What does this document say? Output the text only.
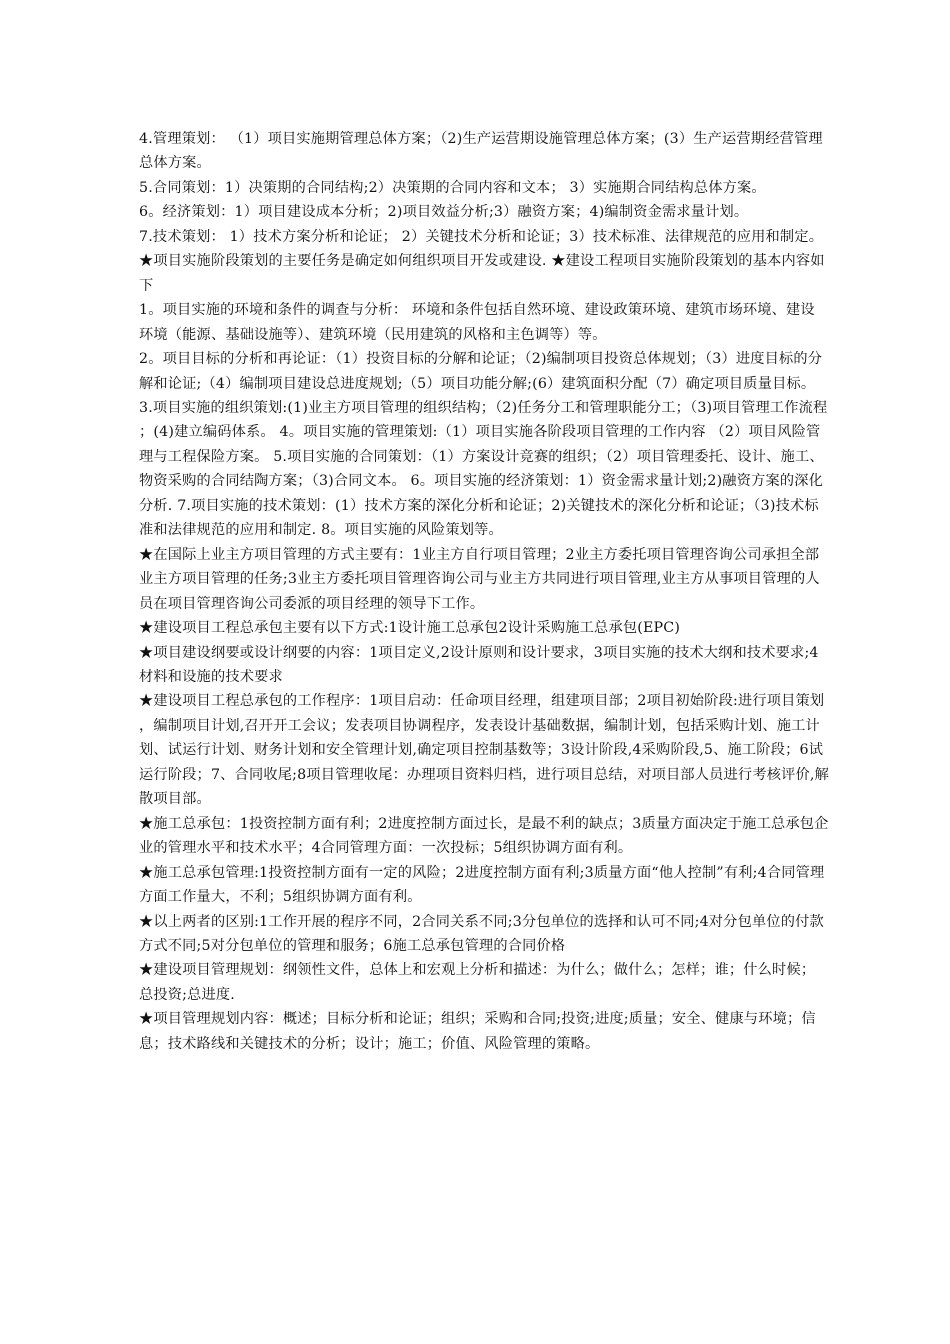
4.管理策划： （1）项目实施期管理总体方案；（2)生产运营期设施管理总体方案；(3）生产运营期经营管理总体方案。

5.合同策划：1）决策期的合同结构;2）决策期的合同内容和文本； 3）实施期合同结构总体方案。

6。经济策划：1）项目建设成本分析；2)项目效益分析;3）融资方案；4)编制资金需求量计划。

7.技术策划： 1）技术方案分析和论证； 2）关键技术分析和论证；3）技术标准、法律规范的应用和制定。

★项目实施阶段策划的主要任务是确定如何组织项目开发或建设. ★建设工程项目实施阶段策划的基本内容如下

1。项目实施的环境和条件的调查与分析： 环境和条件包括自然环境、建设政策环境、建筑市场环境、建设环境（能源、基础设施等）、建筑环境（民用建筑的风格和主色调等）等。

2。项目目标的分析和再论证：（1）投资目标的分解和论证；（2)编制项目投资总体规划；（3）进度目标的分解和论证;（4）编制项目建设总进度规划;（5）项目功能分解;(6）建筑面积分配（7）确定项目质量目标。 3.项目实施的组织策划:(1)业主方项目管理的组织结构；（2)任务分工和管理职能分工；（3)项目管理工作流程；(4)建立编码体系。 4。项目实施的管理策划:（1）项目实施各阶段项目管理的工作内容 （2）项目风险管理与工程保险方案。 5.项目实施的合同策划：（1）方案设计竞赛的组织；（2）项目管理委托、设计、施工、物资采购的合同结陶方案；（3)合同文本。 6。项目实施的经济策划：1）资金需求量计划;2)融资方案的深化分析. 7.项目实施的技术策划：(1）技术方案的深化分析和论证；2)关键技术的深化分析和论证；（3)技术标准和法律规范的应用和制定. 8。项目实施的风险策划等。

★在国际上业主方项目管理的方式主要有：1业主方自行项目管理；2业主方委托项目管理咨询公司承担全部业主方项目管理的任务;3业主方委托项目管理咨询公司与业主方共同进行项目管理,业主方从事项目管理的人员在项目管理咨询公司委派的项目经理的领导下工作。

★建设项目工程总承包主要有以下方式:1设计施工总承包2设计采购施工总承包(EPC)

★项目建设纲要或设计纲要的内容：1项目定义,2设计原则和设计要求，3项目实施的技术大纲和技术要求;4材料和设施的技术要求

★建设项目工程总承包的工作程序：1项目启动：任命项目经理，组建项目部；2项目初始阶段:进行项目策划，编制项目计划,召开开工会议；发表项目协调程序，发表设计基础数据，编制计划，包括采购计划、施工计划、试运行计划、财务计划和安全管理计划,确定项目控制基数等；3设计阶段,4采购阶段,5、施工阶段；6试运行阶段；7、合同收尾;8项目管理收尾：办理项目资料归档，进行项目总结，对项目部人员进行考核评价,解散项目部。

★施工总承包：1投资控制方面有利；2进度控制方面过长，是最不利的缺点；3质量方面决定于施工总承包企业的管理水平和技术水平；4合同管理方面：一次投标；5组织协调方面有利。

★施工总承包管理:1投资控制方面有一定的风险；2进度控制方面有利;3质量方面“他人控制”有利;4合同管理方面工作量大，不利；5组织协调方面有利。

★以上两者的区别:1工作开展的程序不同，2合同关系不同;3分包单位的选择和认可不同;4对分包单位的付款方式不同;5对分包单位的管理和服务；6施工总承包管理的合同价格

★建设项目管理规划：纲领性文件，总体上和宏观上分析和描述：为什么；做什么；怎样；谁；什么时候；总投资;总进度.

★项目管理规划内容：概述；目标分析和论证；组织；采购和合同;投资;进度;质量；安全、健康与环境；信息；技术路线和关键技术的分析；设计；施工；价值、风险管理的策略。
